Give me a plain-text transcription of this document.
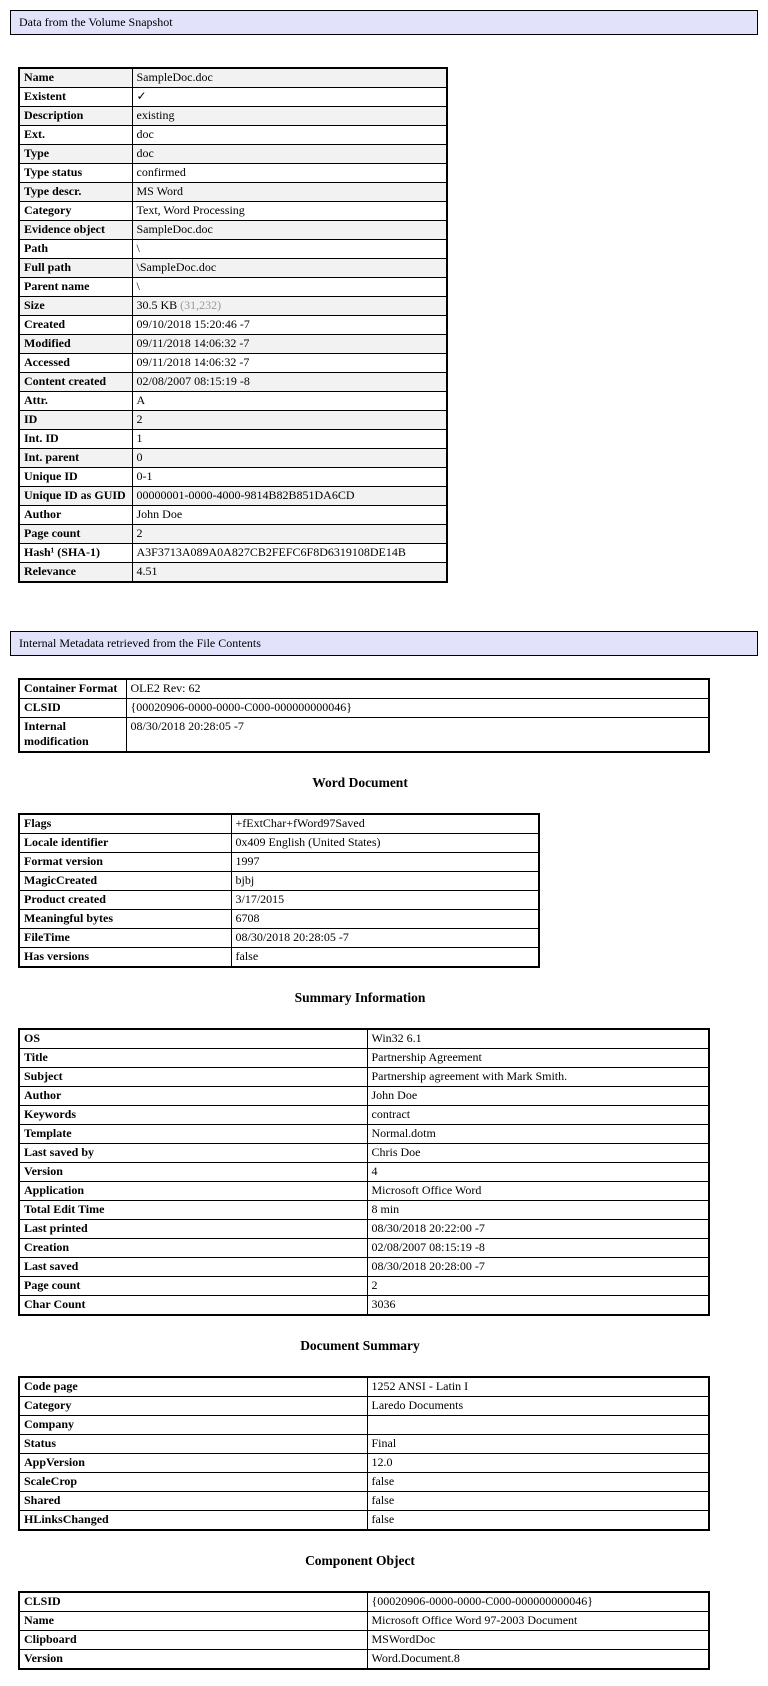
Data from the Volume Snapshot
Name	SampleDoc.doc
Existent	✓
Description	existing
Ext.	doc
Type	doc
Type status	confirmed
Type descr.	MS Word
Category	Text, Word Processing
Evidence object	SampleDoc.doc
Path	\
Full path	\SampleDoc.doc
Parent name	\
Size	30.5 KB (31,232)
Created	09/10/2018 15:20:46 -7
Modified	09/11/2018 14:06:32 -7
Accessed	09/11/2018 14:06:32 -7
Content created	02/08/2007 08:15:19 -8
Attr.	A
ID	2
Int. ID	1
Int. parent	0
Unique ID	0-1
Unique ID as GUID	00000001-0000-4000-9814B82B851DA6CD
Author	John Doe
Page count	2
Hash¹ (SHA-1)	A3F3713A089A0A827CB2FEFC6F8D6319108DE14B
Relevance	4.51
Internal Metadata retrieved from the File Contents
Container Format	OLE2 Rev: 62
CLSID	{00020906-0000-0000-C000-000000000046}
Internal modification	08/30/2018 20:28:05 -7
Word Document
Flags	+fExtChar+fWord97Saved
Locale identifier	0x409 English (United States)
Format version	1997
MagicCreated	bjbj
Product created	3/17/2015
Meaningful bytes	6708
FileTime	08/30/2018 20:28:05 -7
Has versions	false
Summary Information
OS	Win32 6.1
Title	Partnership Agreement
Subject	Partnership agreement with Mark Smith.
Author	John Doe
Keywords	contract
Template	Normal.dotm
Last saved by	Chris Doe
Version	4
Application	Microsoft Office Word
Total Edit Time	8 min
Last printed	08/30/2018 20:22:00 -7
Creation	02/08/2007 08:15:19 -8
Last saved	08/30/2018 20:28:00 -7
Page count	2
Char Count	3036
Document Summary
Code page	1252 ANSI - Latin I
Category	Laredo Documents
Company	
Status	Final
AppVersion	12.0
ScaleCrop	false
Shared	false
HLinksChanged	false
Component Object
CLSID	{00020906-0000-0000-C000-000000000046}
Name	Microsoft Office Word 97-2003 Document
Clipboard	MSWordDoc
Version	Word.Document.8
